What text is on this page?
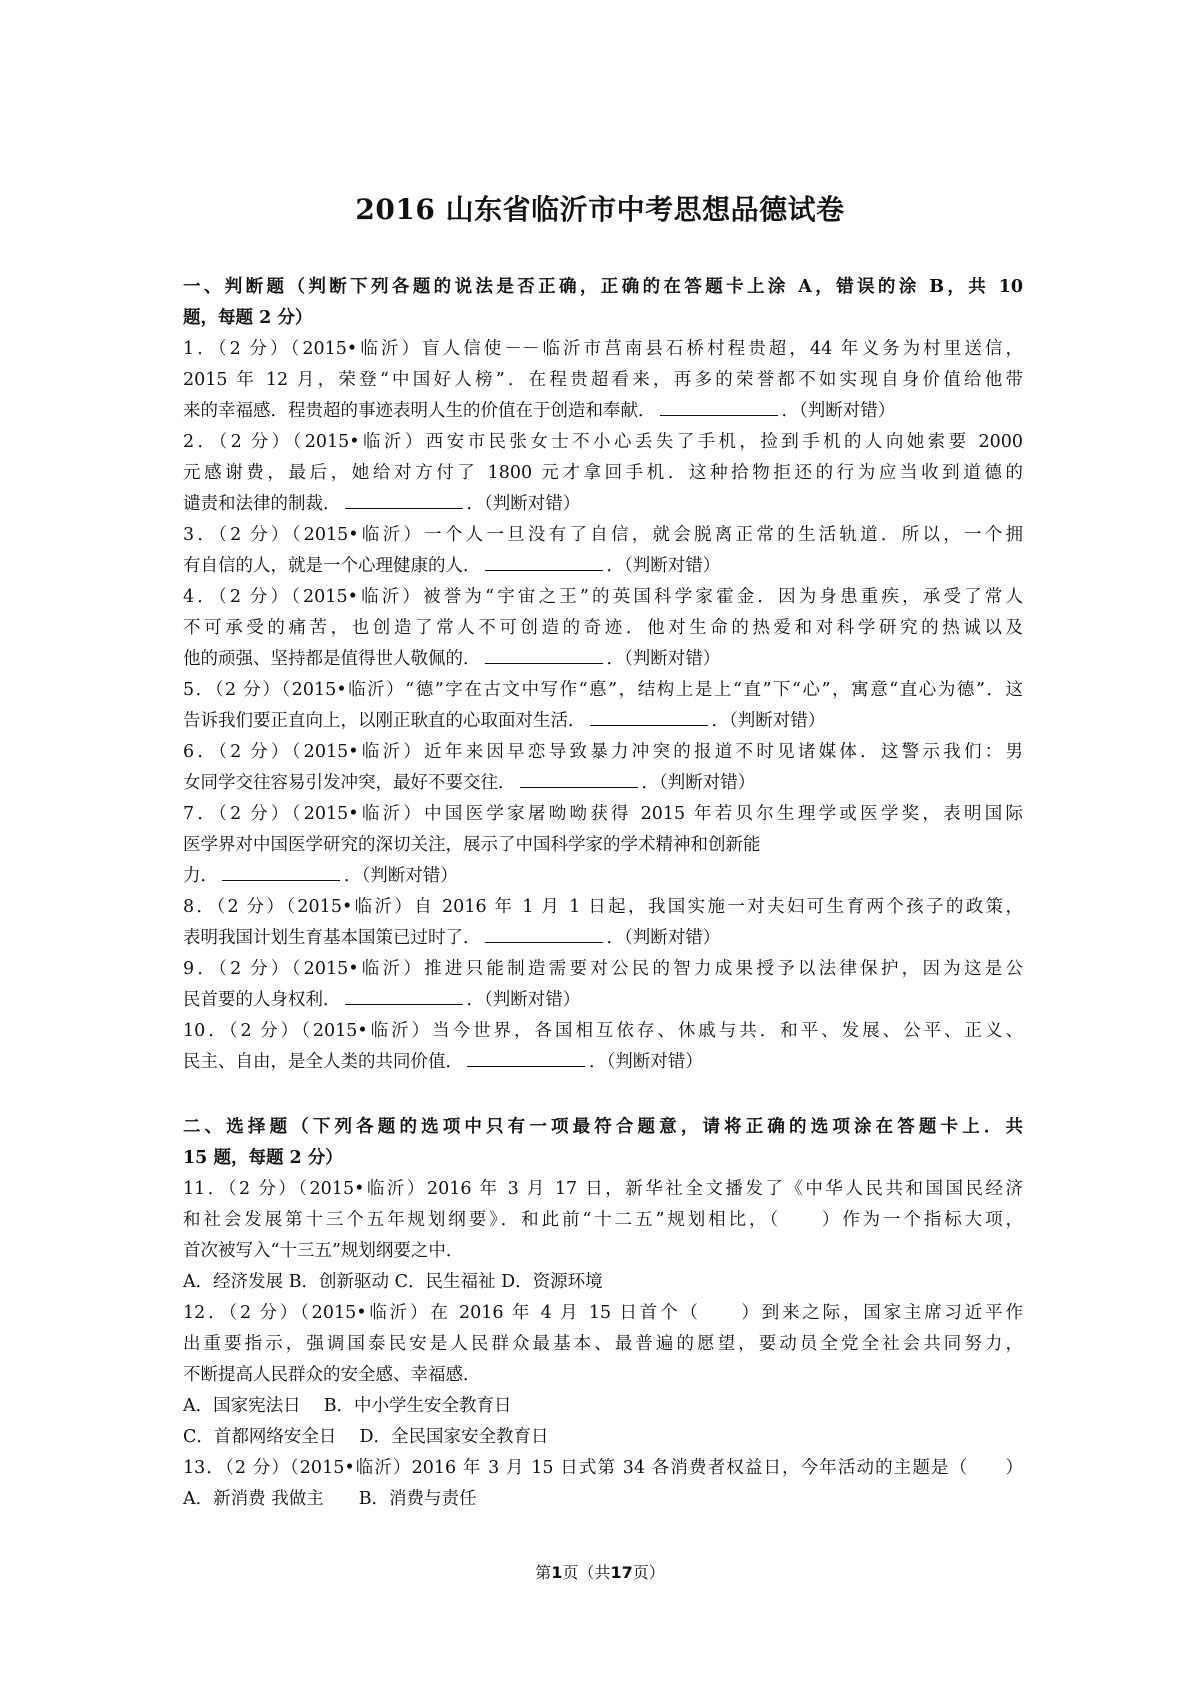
2016 山东省临沂市中考思想品德试卷
一、判断题（判断下列各题的说法是否正确，正确的在答题卡上涂 A，错误的涂 B，共 10
题，每题 2 分）
1．（2 分）（2015•临沂）盲人信使－－临沂市莒南县石桥村程贵超，44 年义务为村里送信，
2015 年 12 月，荣登“中国好人榜”．在程贵超看来，再多的荣誉都不如实现自身价值给他带
来的幸福感．程贵超的事迹表明人生的价值在于创造和奉献．	．（判断对错）
2．（2 分）（2015•临沂）西安市民张女士不小心丢失了手机，捡到手机的人向她索要 2000
元感谢费，最后，她给对方付了 1800 元才拿回手机．这种拾物拒还的行为应当收到道德的
谴责和法律的制裁．	．（判断对错）
3．（2 分）（2015•临沂）一个人一旦没有了自信，就会脱离正常的生活轨道．所以，一个拥
有自信的人，就是一个心理健康的人．	．（判断对错）
4．（2 分）（2015•临沂）被誉为“宇宙之王”的英国科学家霍金．因为身患重疾，承受了常人
不可承受的痛苦，也创造了常人不可创造的奇迹．他对生命的热爱和对科学研究的热诚以及
他的顽强、坚持都是值得世人敬佩的．	．（判断对错）
5．（2 分）（2015•临沂）“德”字在古文中写作“悳”，结构上是上“直”下“心”，寓意“直心为德”．这
告诉我们要正直向上，以刚正耿直的心取面对生活．	．（判断对错）
6．（2 分）（2015•临沂）近年来因早恋导致暴力冲突的报道不时见诸媒体．这警示我们：男
女同学交往容易引发冲突，最好不要交往．	．（判断对错）
7．（2 分）（2015•临沂）中国医学家屠呦呦获得 2015 年若贝尔生理学或医学奖，表明国际
医学界对中国医学研究的深切关注，展示了中国科学家的学术精神和创新能
力．	．（判断对错）
8．（2 分）（2015•临沂）自 2016 年 1 月 1 日起，我国实施一对夫妇可生育两个孩子的政策，
表明我国计划生育基本国策已过时了．	．（判断对错）
9．（2 分）（2015•临沂）推进只能制造需要对公民的智力成果授予以法律保护，因为这是公
民首要的人身权利．	．（判断对错）
10．（2 分）（2015•临沂）当今世界，各国相互依存、休戚与共．和平、发展、公平、正义、
民主、自由，是全人类的共同价值．	．（判断对错）
二、选择题（下列各题的选项中只有一项最符合题意，请将正确的选项涂在答题卡上．共
15 题，每题 2 分）
11．（2 分）（2015•临沂）2016 年 3 月 17 日，新华社全文播发了《中华人民共和国国民经济
和社会发展第十三个五年规划纲要》．和此前“十二五”规划相比，（　　）作为一个指标大项，
首次被写入“十三五”规划纲要之中．
A．经济发展 B．创新驱动 C．民生福祉 D．资源环境
12．（2 分）（2015•临沂）在 2016 年 4 月 15 日首个（　　）到来之际，国家主席习近平作
出重要指示，强调国泰民安是人民群众最基本、最普遍的愿望，要动员全党全社会共同努力，
不断提高人民群众的安全感、幸福感．
A．国家宪法日　 B．中小学生安全教育日
C．首都网络安全日　 D．全民国家安全教育日
13．（2 分）（2015•临沂）2016 年 3 月 15 日式第 34 各消费者权益日，今年活动的主题是（　　）
A．新消费 我做主　　B．消费与责任
第1页（共17页）
